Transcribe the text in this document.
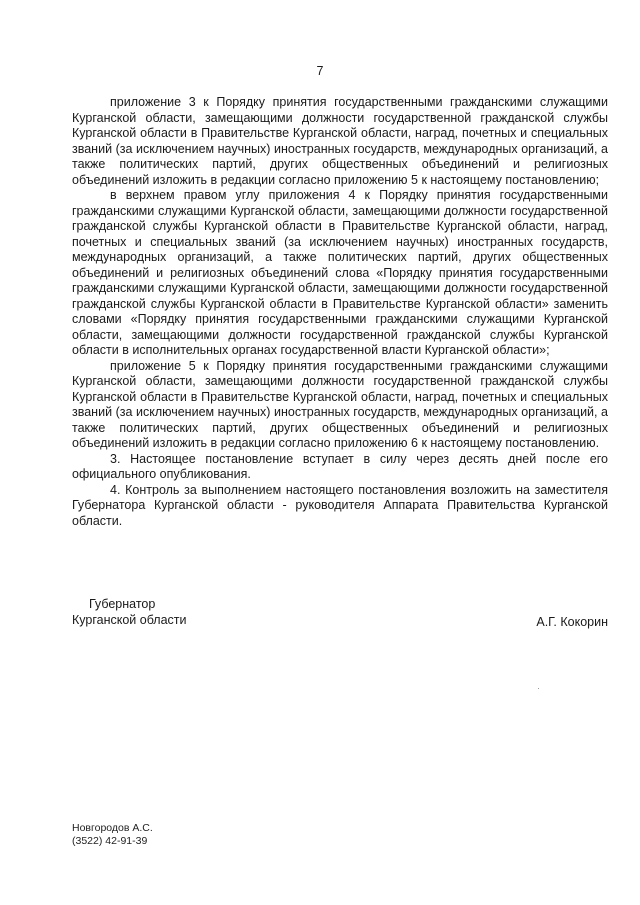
7

приложение 3 к Порядку принятия государственными гражданскими служащими Курганской области, замещающими должности государственной гражданской службы Курганской области в Правительстве Курганской области, наград, почетных и специальных званий (за исключением научных) иностранных государств, международных организаций, а также политических партий, других общественных объединений и религиозных объединений изложить в редакции согласно приложению 5 к настоящему постановлению;

в верхнем правом углу приложения 4 к Порядку принятия государственными гражданскими служащими Курганской области, замещающими должности государственной гражданской службы Курганской области в Правительстве Курганской области, наград, почетных и специальных званий (за исключением научных) иностранных государств, международных организаций, а также политических партий, других общественных объединений и религиозных объединений слова «Порядку принятия государственными гражданскими служащими Курганской области, замещающими должности государственной гражданской службы Курганской области в Правительстве Курганской области» заменить словами «Порядку принятия государственными гражданскими служащими Курганской области, замещающими должности государственной гражданской службы Курганской области в исполнительных органах государственной власти Курганской области»;

приложение 5 к Порядку принятия государственными гражданскими служащими Курганской области, замещающими должности государственной гражданской службы Курганской области в Правительстве Курганской области, наград, почетных и специальных званий (за исключением научных) иностранных государств, международных организаций, а также политических партий, других общественных объединений и религиозных объединений изложить в редакции согласно приложению 6 к настоящему постановлению.

3. Настоящее постановление вступает в силу через десять дней после его официального опубликования.

4. Контроль за выполнением настоящего постановления возложить на заместителя Губернатора Курганской области - руководителя Аппарата Правительства Курганской области.

Губернатор
Курганской области	А.Г. Кокорин
Новгородов А.С.
(3522) 42-91-39
